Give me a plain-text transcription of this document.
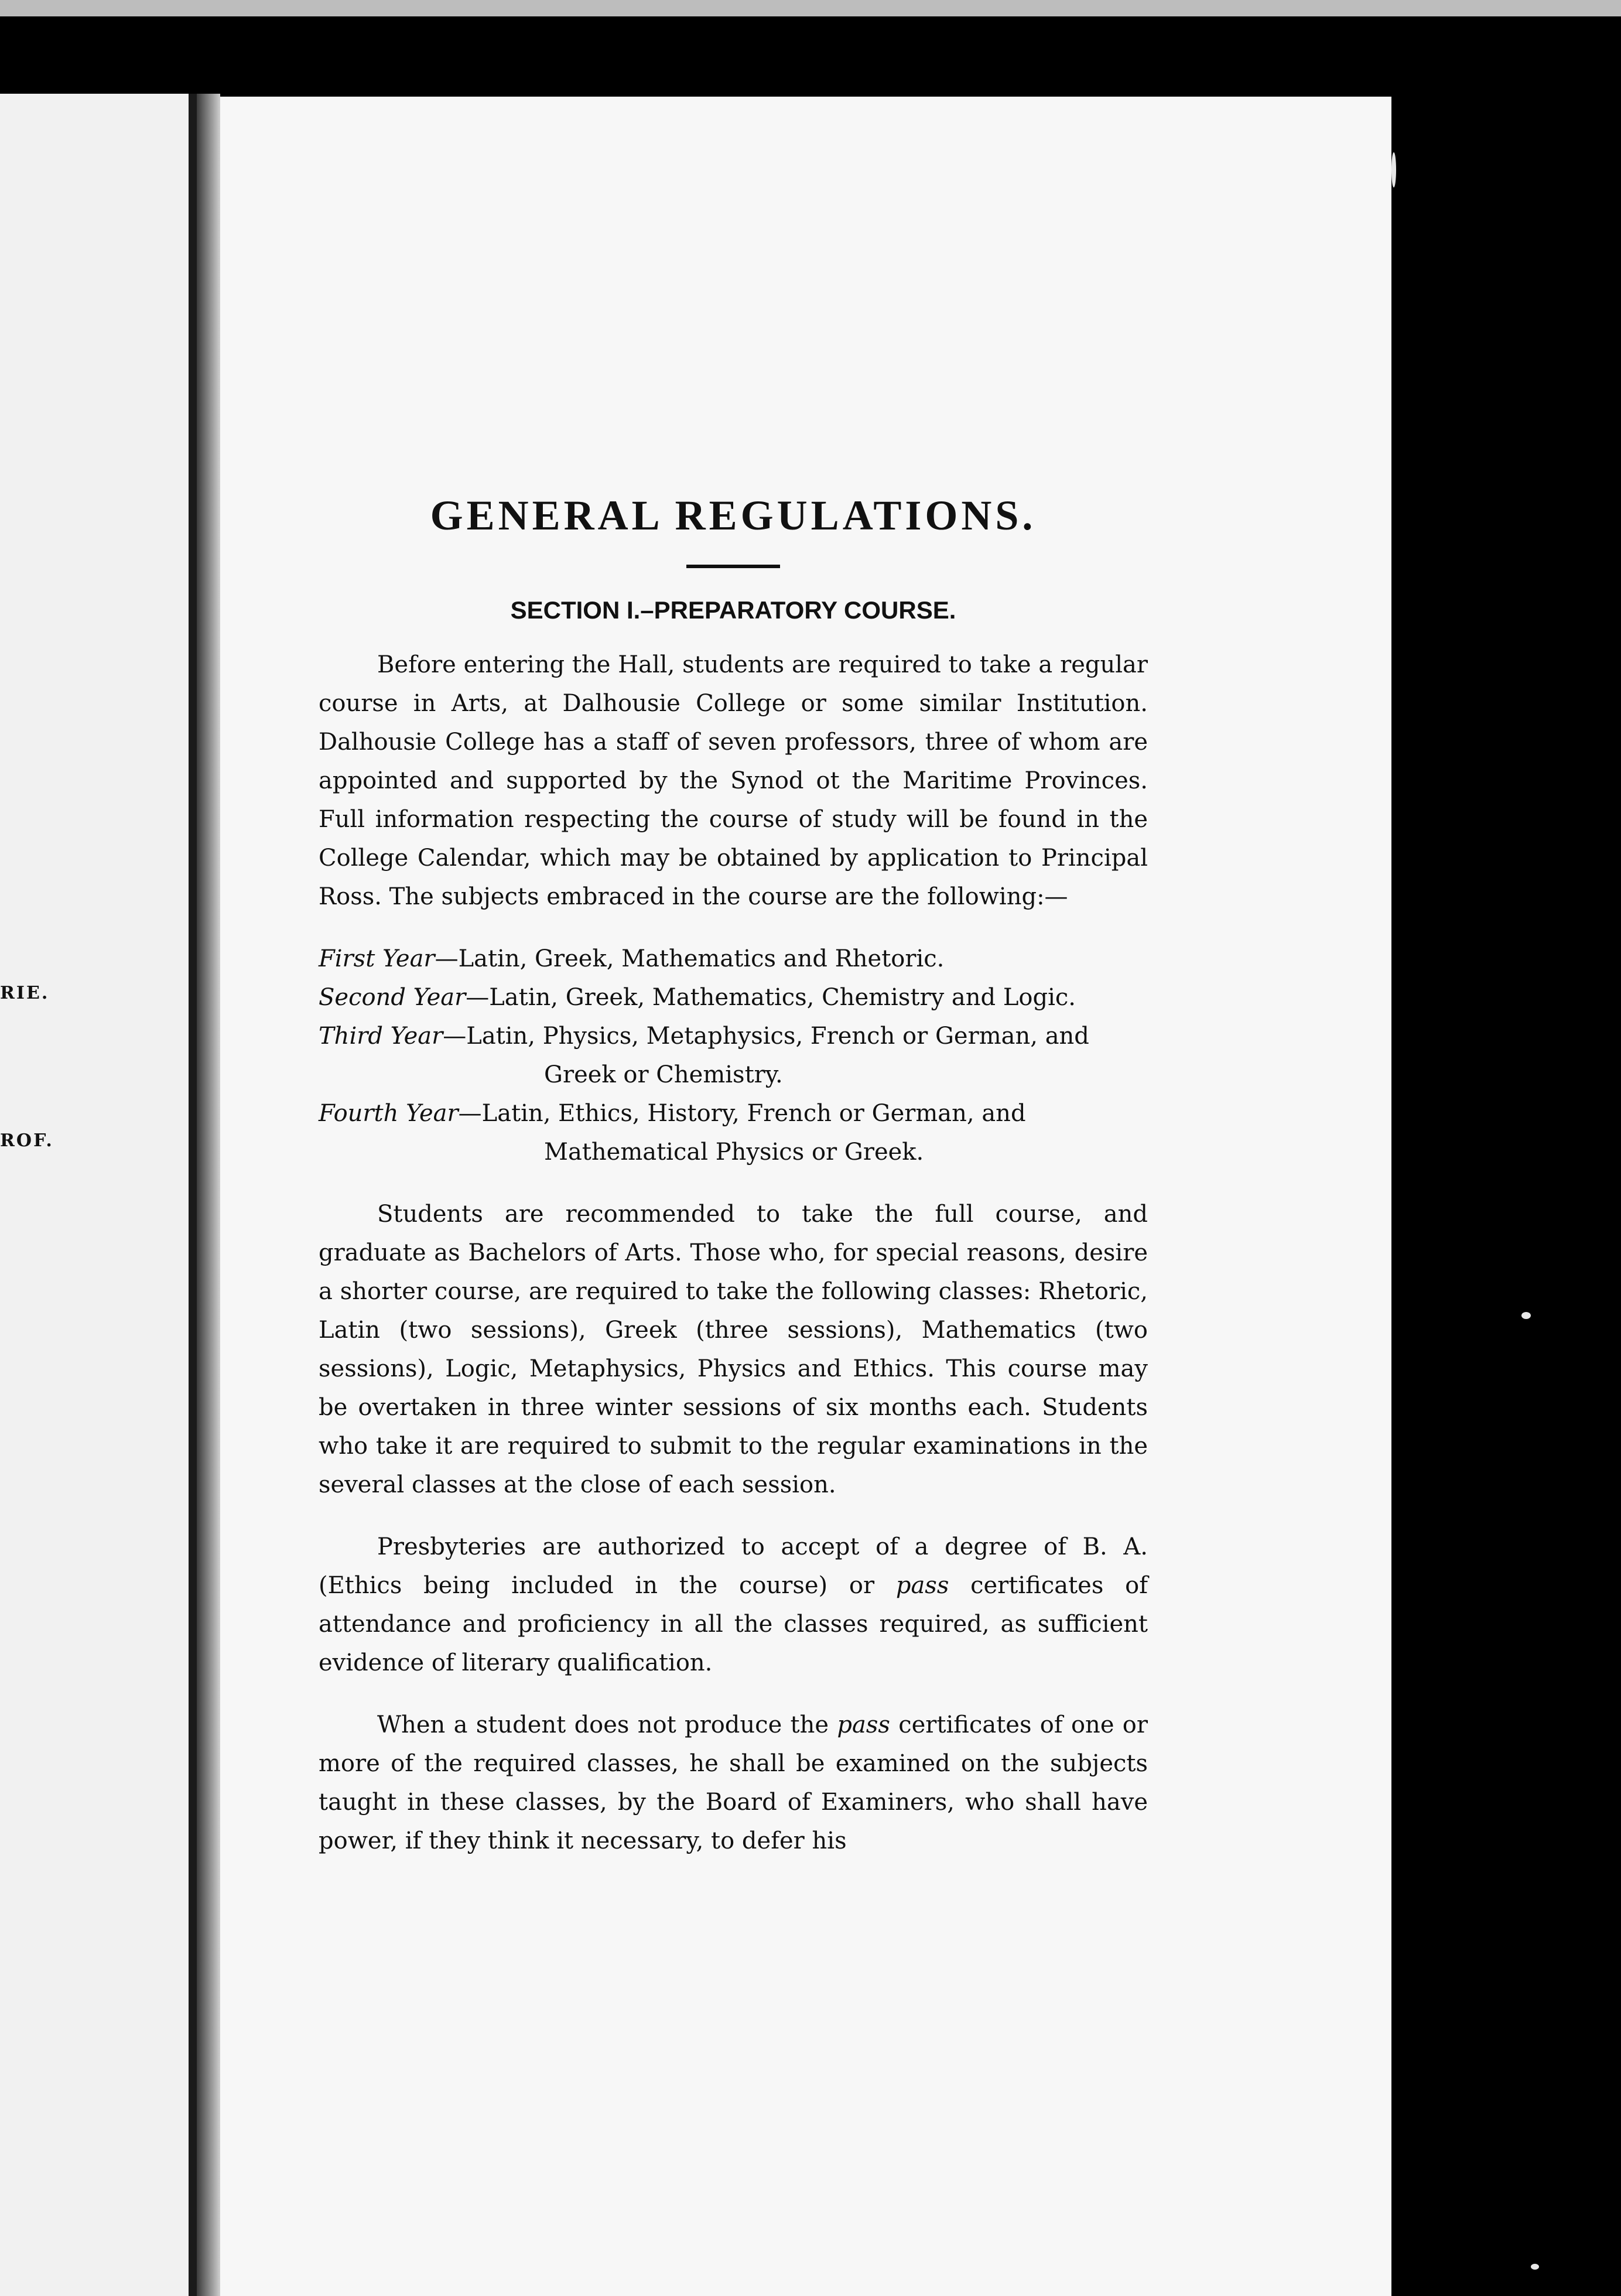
RIE.
ROF.
GENERAL REGULATIONS.
SECTION I.–PREPARATORY COURSE.

Before entering the Hall, students are required to take a regular course in Arts, at Dalhousie College or some similar Institution. Dalhousie College has a staff of seven professors, three of whom are appointed and supported by the Synod ot the Maritime Provinces. Full information respecting the course of study will be found in the College Calendar, which may be obtained by application to Principal Ross. The subjects embraced in the course are the following:—

First Year—Latin, Greek, Mathematics and Rhetoric.
Second Year—Latin, Greek, Mathematics, Chemistry and Logic.
Third Year—Latin, Physics, Metaphysics, French or German, and Greek or Chemistry.
Fourth Year—Latin, Ethics, History, French or German, and Mathematical Physics or Greek.

Students are recommended to take the full course, and graduate as Bachelors of Arts. Those who, for special reasons, desire a shorter course, are required to take the following classes: Rhetoric, Latin (two sessions), Greek (three sessions), Mathematics (two sessions), Logic, Metaphysics, Physics and Ethics. This course may be overtaken in three winter sessions of six months each. Students who take it are required to submit to the regular examinations in the several classes at the close of each session.

Presbyteries are authorized to accept of a degree of B. A. (Ethics being included in the course) or pass certificates of attendance and proficiency in all the classes required, as sufficient evidence of literary qualification.

When a student does not produce the pass certificates of one or more of the required classes, he shall be examined on the subjects taught in these classes, by the Board of Examiners, who shall have power, if they think it necessary, to defer his
